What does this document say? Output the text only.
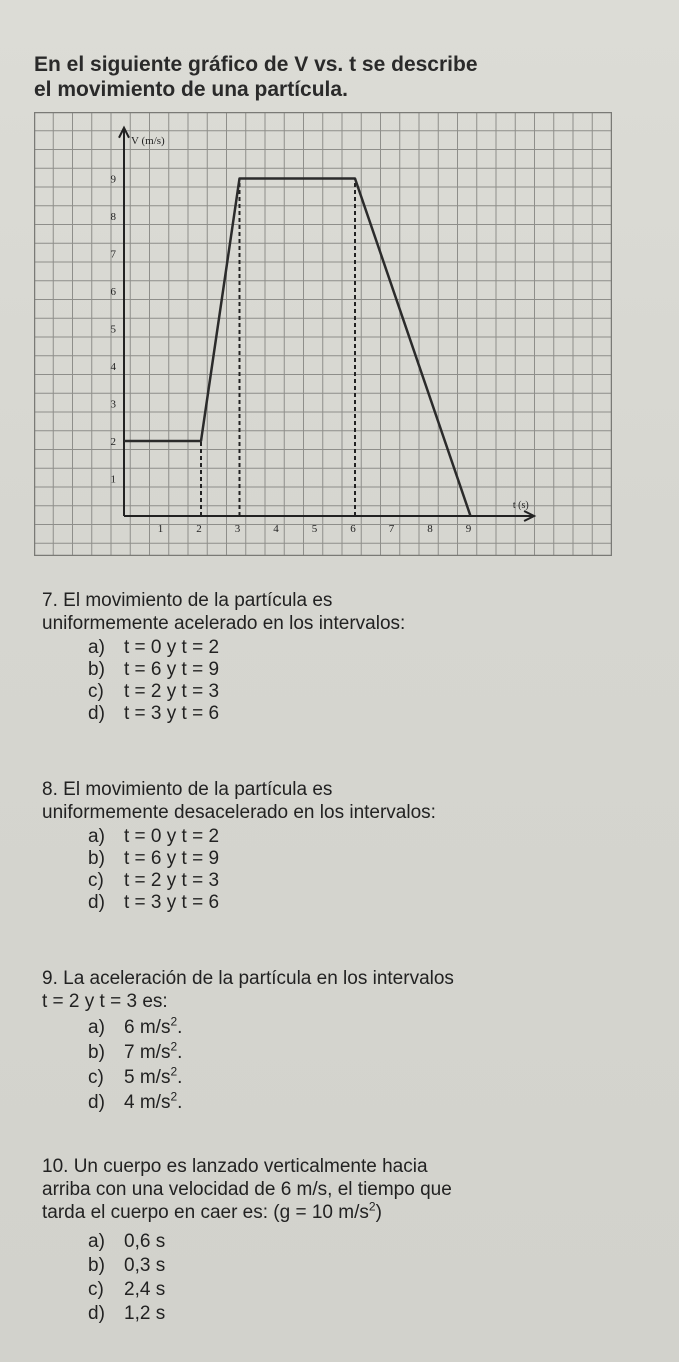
En el siguiente gráfico de V vs. t se describe
el movimiento de una partícula.
1
2
3
4
5
6
7
8
9
1	2	3	4	5	6	7	8	9
V (m/s)
t (s)
7. El movimiento de la partícula es
uniformemente acelerado en los intervalos:
a) t = 0 y t = 2
b) t = 6 y t = 9
c) t = 2 y t = 3
d) t = 3 y t = 6
8. El movimiento de la partícula es
uniformemente desacelerado en los intervalos:
a) t = 0 y t = 2
b) t = 6 y t = 9
c) t = 2 y t = 3
d) t = 3 y t = 6
9. La aceleración de la partícula en los intervalos
t = 2 y t = 3 es:
a) 6 $m/s^2$.
b) 7 $m/s^2$.
c) 5 $m/s^2$.
d) 4 $m/s^2$.
10. Un cuerpo es lanzado verticalmente hacia
arriba con una velocidad de 6 m/s, el tiempo que
tarda el cuerpo en caer es: (g = 10 $m/s^2$)
a) 0,6 s
b) 0,3 s
c) 2,4 s
d) 1,2 s
